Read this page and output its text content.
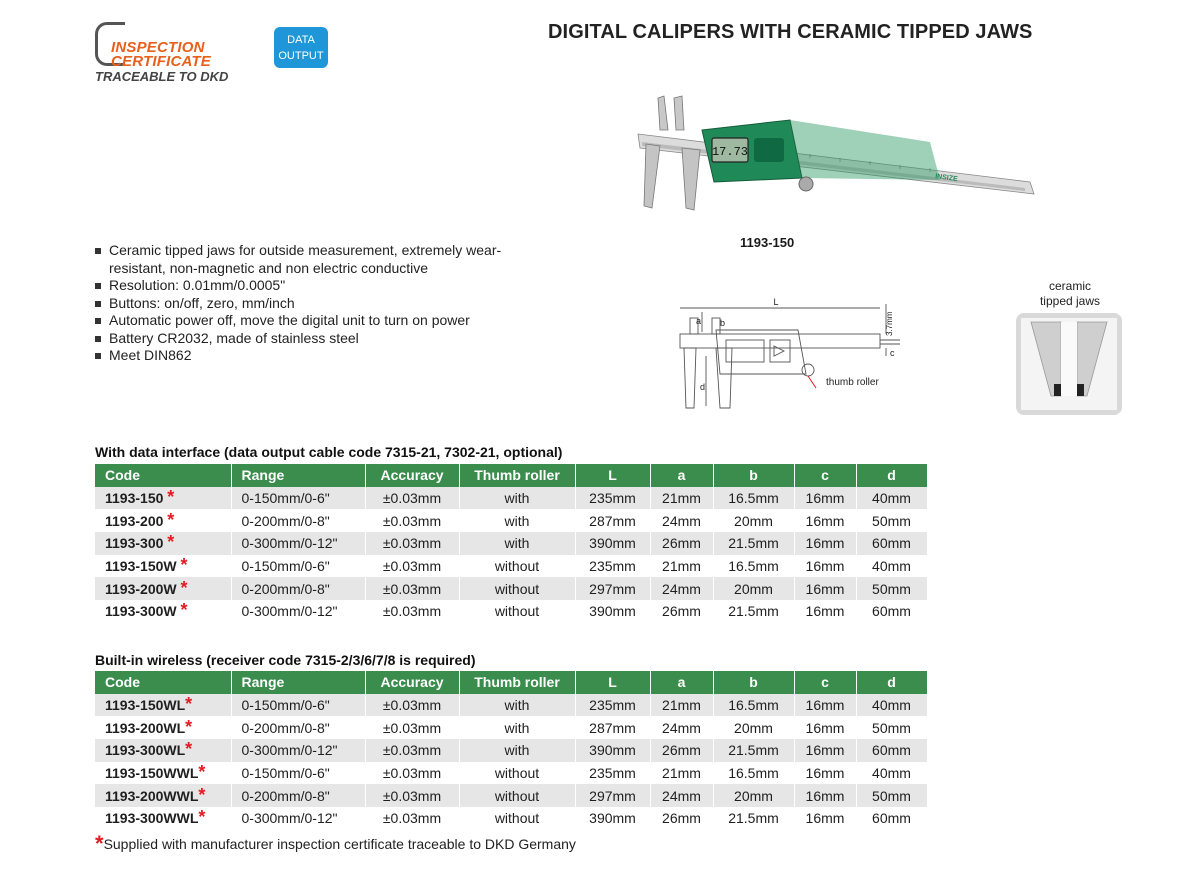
INSPECTION
CERTIFICATE
TRACEABLE TO DKD
DATA
OUTPUT
DIGITAL CALIPERS WITH CERAMIC TIPPED JAWS
17.73
INSIZE
1193-150
Ceramic tipped jaws for outside measurement, extremely wear-resistant, non-magnetic and non electric conductive
Resolution: 0.01mm/0.0005"
Buttons: on/off, zero, mm/inch
Automatic power off, move the digital unit to turn on power
Battery CR2032, made of stainless steel
Meet DIN862
L
a b
c
d
3.7mm
thumb roller
ceramic
tipped jaws
With data interface (data output cable code 7315-21, 7302-21, optional)
Code	Range	Accuracy	Thumb roller	L	a	b	c	d
1193-150 *	0-150mm/0-6"	±0.03mm	with	235mm	21mm	16.5mm	16mm	40mm
1193-200 *	0-200mm/0-8"	±0.03mm	with	287mm	24mm	20mm	16mm	50mm
1193-300 *	0-300mm/0-12"	±0.03mm	with	390mm	26mm	21.5mm	16mm	60mm
1193-150W *	0-150mm/0-6"	±0.03mm	without	235mm	21mm	16.5mm	16mm	40mm
1193-200W *	0-200mm/0-8"	±0.03mm	without	297mm	24mm	20mm	16mm	50mm
1193-300W *	0-300mm/0-12"	±0.03mm	without	390mm	26mm	21.5mm	16mm	60mm
Built-in wireless (receiver code 7315-2/3/6/7/8 is required)
Code	Range	Accuracy	Thumb roller	L	a	b	c	d
1193-150WL*	0-150mm/0-6"	±0.03mm	with	235mm	21mm	16.5mm	16mm	40mm
1193-200WL*	0-200mm/0-8"	±0.03mm	with	287mm	24mm	20mm	16mm	50mm
1193-300WL*	0-300mm/0-12"	±0.03mm	with	390mm	26mm	21.5mm	16mm	60mm
1193-150WWL*	0-150mm/0-6"	±0.03mm	without	235mm	21mm	16.5mm	16mm	40mm
1193-200WWL*	0-200mm/0-8"	±0.03mm	without	297mm	24mm	20mm	16mm	50mm
1193-300WWL*	0-300mm/0-12"	±0.03mm	without	390mm	26mm	21.5mm	16mm	60mm
*Supplied with manufacturer inspection certificate traceable to DKD Germany
